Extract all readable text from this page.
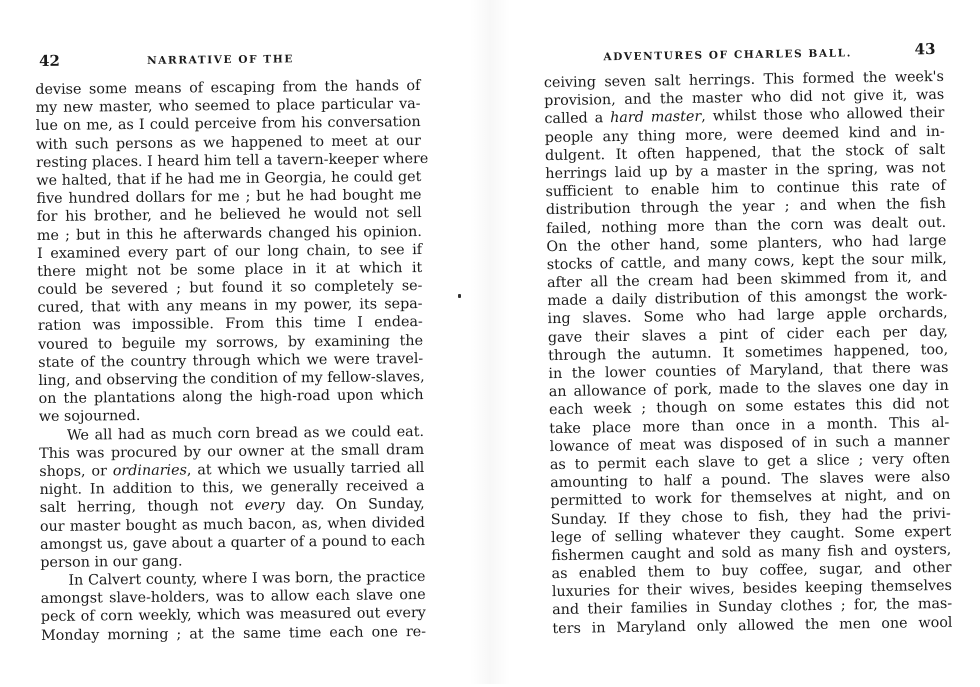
42	NARRATIVE OF THE
devise some means of escaping from the hands of
my new master, who seemed to place particular va-
lue on me, as I could perceive from his conversation
with such persons as we happened to meet at our
resting places. I heard him tell a tavern-keeper where
we halted, that if he had me in Georgia, he could get
five hundred dollars for me ; but he had bought me
for his brother, and he believed he would not sell
me ; but in this he afterwards changed his opinion.
I examined every part of our long chain, to see if
there might not be some place in it at which it
could be severed ; but found it so completely se-
cured, that with any means in my power, its sepa-
ration was impossible. From this time I endea-
voured to beguile my sorrows, by examining the
state of the country through which we were travel-
ling, and observing the condition of my fellow-slaves,
on the plantations along the high-road upon which
we sojourned.
We all had as much corn bread as we could eat.
This was procured by our owner at the small dram
shops, or ordinaries, at which we usually tarried all
night. In addition to this, we generally received a
salt herring, though not every day. On Sunday,
our master bought as much bacon, as, when divided
amongst us, gave about a quarter of a pound to each
person in our gang.
In Calvert county, where I was born, the practice
amongst slave-holders, was to allow each slave one
peck of corn weekly, which was measured out every
Monday morning ; at the same time each one re-
ADVENTURES OF CHARLES BALL.	43
ceiving seven salt herrings. This formed the week's
provision, and the master who did not give it, was
called a hard master, whilst those who allowed their
people any thing more, were deemed kind and in-
dulgent. It often happened, that the stock of salt
herrings laid up by a master in the spring, was not
sufficient to enable him to continue this rate of
distribution through the year ; and when the fish
failed, nothing more than the corn was dealt out.
On the other hand, some planters, who had large
stocks of cattle, and many cows, kept the sour milk,
after all the cream had been skimmed from it, and
made a daily distribution of this amongst the work-
ing slaves. Some who had large apple orchards,
gave their slaves a pint of cider each per day,
through the autumn. It sometimes happened, too,
in the lower counties of Maryland, that there was
an allowance of pork, made to the slaves one day in
each week ; though on some estates this did not
take place more than once in a month. This al-
lowance of meat was disposed of in such a manner
as to permit each slave to get a slice ; very often
amounting to half a pound. The slaves were also
permitted to work for themselves at night, and on
Sunday. If they chose to fish, they had the privi-
lege of selling whatever they caught. Some expert
fishermen caught and sold as many fish and oysters,
as enabled them to buy coffee, sugar, and other
luxuries for their wives, besides keeping themselves
and their families in Sunday clothes ; for, the mas-
ters in Maryland only allowed the men one wool
